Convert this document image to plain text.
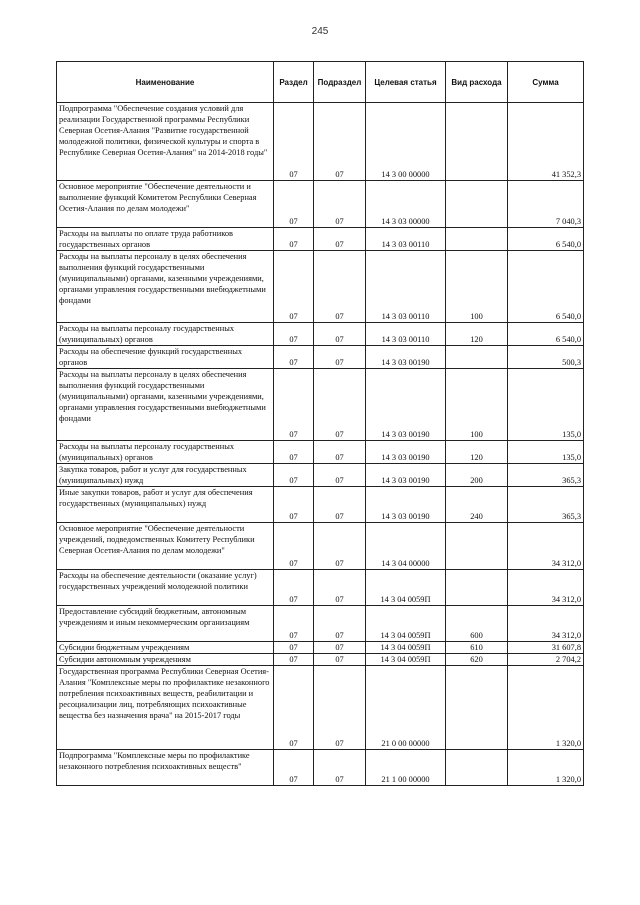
245
Наименование	Раздел	Подраздел	Целевая статья	Вид расхода	Сумма
Подпрограмма "Обеспечение создания условий для реализации Государственной программы Республики Северная Осетия-Алания "Развитие государственной молодежной политики, физической культуры и спорта в Республике Северная Осетия-Алания" на 2014-2018 годы"	07	07	14 3 00 00000		41 352,3
Основное мероприятие "Обеспечение деятельности и выполнение функций Комитетом Республики Северная Осетия-Алания по делам молодежи"	07	07	14 3 03 00000		7 040,3
Расходы на выплаты по оплате труда работников государственных органов	07	07	14 3 03 00110		6 540,0
Расходы на выплаты персоналу в целях обеспечения выполнения функций государственными (муниципальными) органами, казенными учреждениями, органами управления государственными внебюджетными фондами	07	07	14 3 03 00110	100	6 540,0
Расходы на выплаты персоналу государственных (муниципальных) органов	07	07	14 3 03 00110	120	6 540,0
Расходы на обеспечение функций государственных органов	07	07	14 3 03 00190		500,3
Расходы на выплаты персоналу в целях обеспечения выполнения функций государственными (муниципальными) органами, казенными учреждениями, органами управления государственными внебюджетными фондами	07	07	14 3 03 00190	100	135,0
Расходы на выплаты персоналу государственных (муниципальных) органов	07	07	14 3 03 00190	120	135,0
Закупка товаров, работ и услуг для государственных (муниципальных) нужд	07	07	14 3 03 00190	200	365,3
Иные закупки товаров, работ и услуг для обеспечения государственных (муниципальных) нужд	07	07	14 3 03 00190	240	365,3
Основное мероприятие "Обеспечение деятельности учреждений, подведомственных Комитету Республики Северная Осетия-Алания по делам молодежи"	07	07	14 3 04 00000		34 312,0
Расходы на обеспечение деятельности (оказание услуг) государственных учреждений молодежной политики	07	07	14 3 04 0059П		34 312,0
Предоставление субсидий бюджетным, автономным учреждениям и иным некоммерческим организациям	07	07	14 3 04 0059П	600	34 312,0
Субсидии бюджетным учреждениям	07	07	14 3 04 0059П	610	31 607,8
Субсидии автономным учреждениям	07	07	14 3 04 0059П	620	2 704,2
Государственная программа Республики Северная Осетия-Алания "Комплексные меры по профилактике незаконного потребления психоактивных веществ, реабилитации и ресоциализации лиц, потребляющих психоактивные вещества без назначения врача" на 2015-2017 годы	07	07	21 0 00 00000		1 320,0
Подпрограмма "Комплексные меры по профилактике незаконного потребления психоактивных веществ"	07	07	21 1 00 00000		1 320,0
